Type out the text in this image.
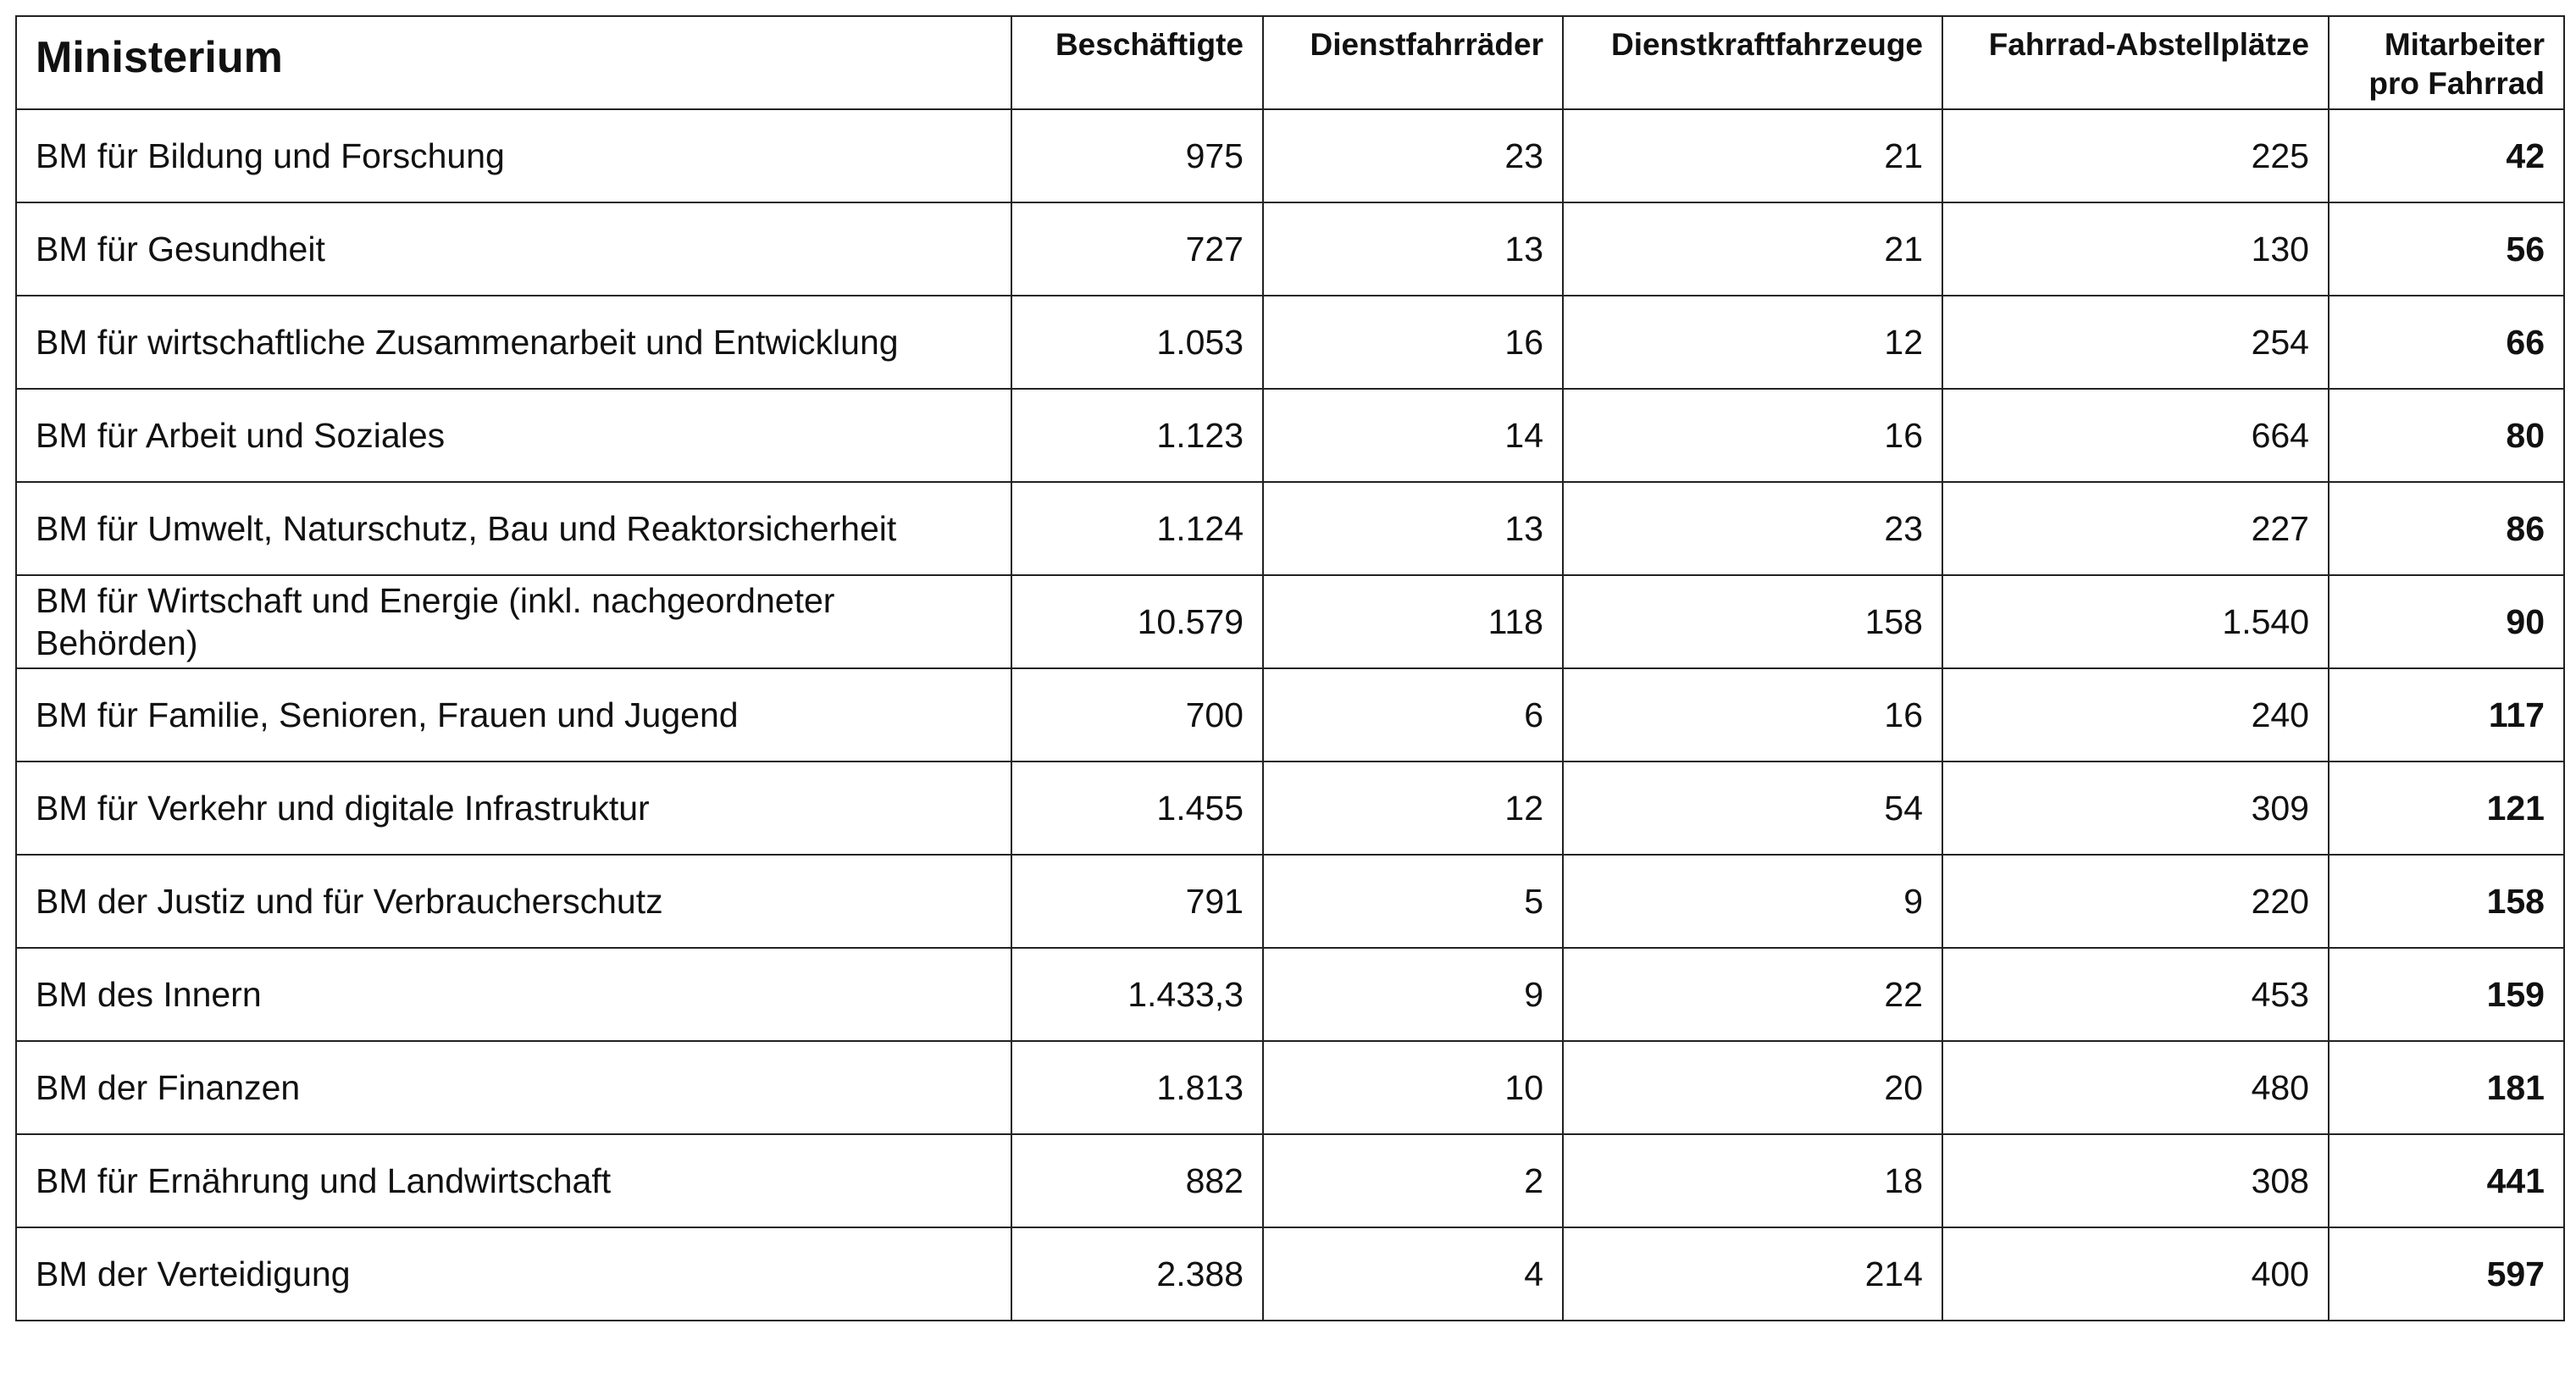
Ministerium	Beschäftigte	Dienstfahrräder	Dienstkraftfahrzeuge	Fahrrad-Abstellplätze	Mitarbeiter pro Fahrrad
BM für Bildung und Forschung	975	23	21	225	42
BM für Gesundheit	727	13	21	130	56
BM für wirtschaftliche Zusammenarbeit und Entwicklung	1.053	16	12	254	66
BM für Arbeit und Soziales	1.123	14	16	664	80
BM für Umwelt, Naturschutz, Bau und Reaktorsicherheit	1.124	13	23	227	86
BM für Wirtschaft und Energie (inkl. nachgeordneter Behörden)	10.579	118	158	1.540	90
BM für Familie, Senioren, Frauen und Jugend	700	6	16	240	117
BM für Verkehr und digitale Infrastruktur	1.455	12	54	309	121
BM der Justiz und für Verbraucherschutz	791	5	9	220	158
BM des Innern	1.433,3	9	22	453	159
BM der Finanzen	1.813	10	20	480	181
BM für Ernährung und Landwirtschaft	882	2	18	308	441
BM der Verteidigung	2.388	4	214	400	597
